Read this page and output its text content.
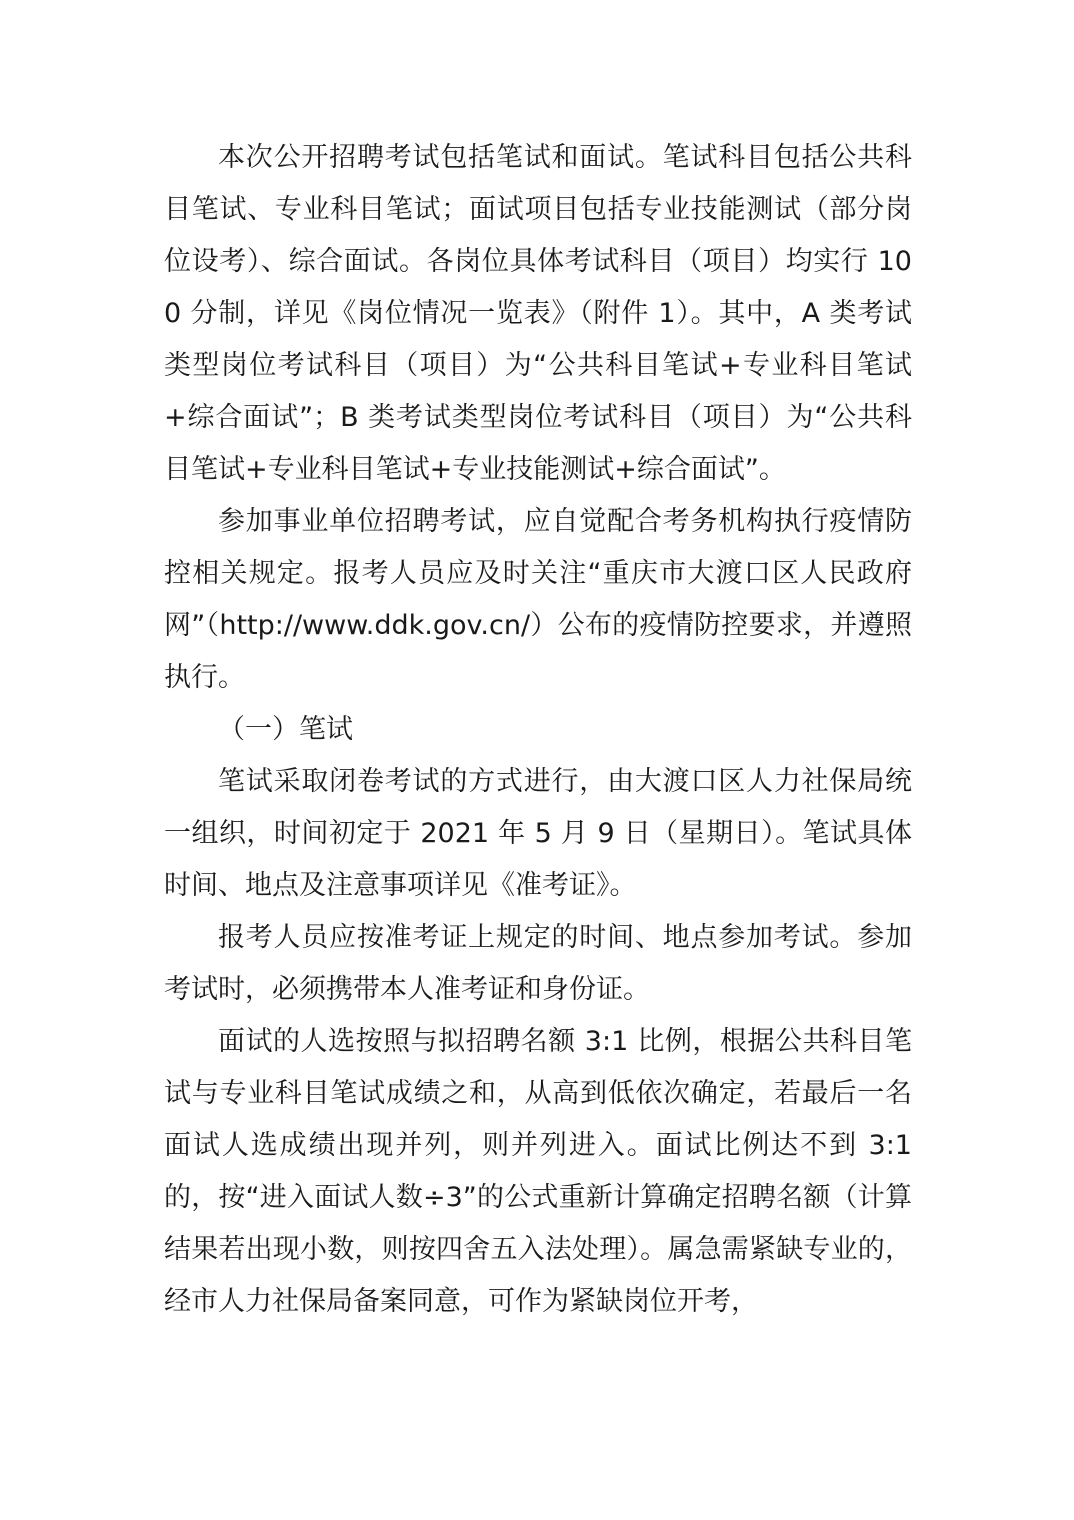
本次公开招聘考试包括笔试和面试。笔试科目包括公共科目笔试、专业科目笔试；面试项目包括专业技能测试（部分岗位设考）、综合面试。各岗位具体考试科目（项目）均实行 100 分制，详见《岗位情况一览表》（附件 1）。其中，A 类考试类型岗位考试科目（项目）为“公共科目笔试+专业科目笔试+综合面试”；B 类考试类型岗位考试科目（项目）为“公共科目笔试+专业科目笔试+专业技能测试+综合面试”。

参加事业单位招聘考试，应自觉配合考务机构执行疫情防控相关规定。报考人员应及时关注“重庆市大渡口区人民政府网”（http://www.ddk.gov.cn/）公布的疫情防控要求，并遵照执行。

（一）笔试

笔试采取闭卷考试的方式进行，由大渡口区人力社保局统一组织，时间初定于 2021 年 5 月 9 日（星期日）。笔试具体时间、地点及注意事项详见《准考证》。

报考人员应按准考证上规定的时间、地点参加考试。参加考试时，必须携带本人准考证和身份证。

面试的人选按照与拟招聘名额 3:1 比例，根据公共科目笔试与专业科目笔试成绩之和，从高到低依次确定，若最后一名面试人选成绩出现并列，则并列进入。面试比例达不到 3:1 的，按“进入面试人数÷3”的公式重新计算确定招聘名额（计算结果若出现小数，则按四舍五入法处理）。属急需紧缺专业的，经市人力社保局备案同意，可作为紧缺岗位开考，
